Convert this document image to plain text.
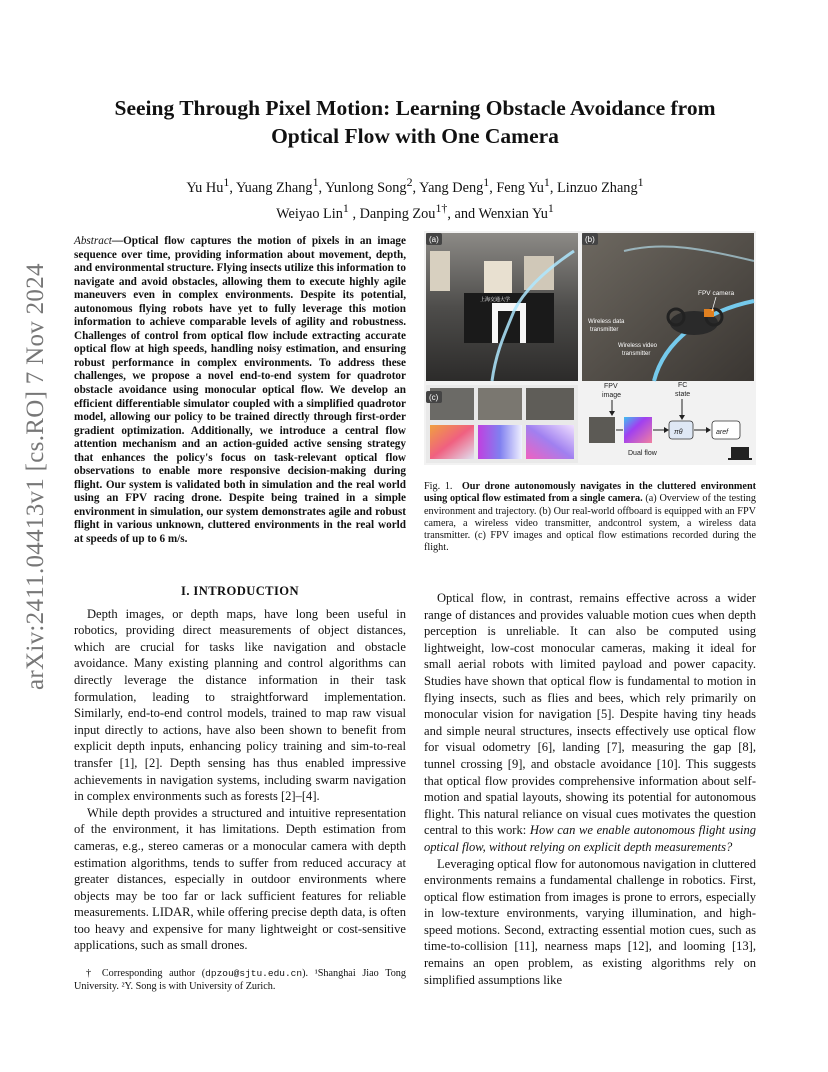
arXiv:2411.04413v1 [cs.RO] 7 Nov 2024
Seeing Through Pixel Motion: Learning Obstacle Avoidance from
Optical Flow with One Camera
Yu Hu$^1$, Yuang Zhang$^1$, Yunlong Song$^2$, Yang Deng$^1$, Feng Yu$^1$, Linzuo Zhang$^1$
Weiyao Lin$^1$ , Danping Zou$^{1\dagger}$, and Wenxian Yu$^1$
Abstract—Optical flow captures the motion of pixels in an image sequence over time, providing information about movement, depth, and environmental structure. Flying insects utilize this information to navigate and avoid obstacles, allowing them to execute highly agile maneuvers even in complex environments. Despite its potential, autonomous flying robots have yet to fully leverage this motion information to achieve comparable levels of agility and robustness. Challenges of control from optical flow include extracting accurate optical flow at high speeds, handling noisy estimation, and ensuring robust performance in complex environments. To address these challenges, we propose a novel end-to-end system for quadrotor obstacle avoidance using monocular optical flow. We develop an efficient differentiable simulator coupled with a simplified quadrotor model, allowing our policy to be trained directly through first-order gradient optimization. Additionally, we introduce a central flow attention mechanism and an action-guided active sensing strategy that enhances the policy's focus on task-relevant optical flow observations to enable more responsive decision-making during flight. Our system is validated both in simulation and the real world using an FPV racing drone. Despite being trained in a simple environment in simulation, our system demonstrates agile and robust flight in various unknown, cluttered environments in the real world at speeds of up to 6 m/s.
I. INTRODUCTION

Depth images, or depth maps, have long been useful in robotics, providing direct measurements of object distances, which are crucial for tasks like navigation and obstacle avoidance. Many existing planning and control algorithms can directly leverage the distance information in their task formulation, leading to straightforward implementation. Similarly, end-to-end control models, trained to map raw visual input directly to actions, have also been shown to benefit from explicit depth inputs, enhancing policy training and sim-to-real transfer [1], [2]. Depth sensing has thus enabled impressive achievements in navigation systems, including swarm navigation in complex environments such as forests [2]–[4].

While depth provides a structured and intuitive representation of the environment, it has limitations. Depth estimation from cameras, e.g., stereo cameras or a monocular camera with depth estimation algorithms, tends to suffer from reduced accuracy at greater distances, especially in outdoor environments where objects may be too far or lack sufficient features for reliable measurements. LIDAR, while offering precise depth data, is often too heavy and expensive for many lightweight or cost-sensitive applications, such as small drones.

† Corresponding author (dpzou@sjtu.edu.cn). ¹Shanghai Jiao Tong University. ²Y. Song is with University of Zurich.
上海交通大学
(a)	(b)
FPV camera
Wireless data
transmitter
Wireless video
transmitter
(c)
FPV
image
FC
state
πθ	aref
Dual flow
Fig. 1. Our drone autonomously navigates in the cluttered environment using optical flow estimated from a single camera. (a) Overview of the testing environment and trajectory. (b) Our real-world offboard is equipped with an FPV camera, a wireless video transmitter, andcontrol system, a wireless data transmitter. (c) FPV images and optical flow estimations recorded during the flight.

Optical flow, in contrast, remains effective across a wider range of distances and provides valuable motion cues when depth perception is unreliable. It can also be computed using lightweight, low-cost monocular cameras, making it ideal for small aerial robots with limited payload and power capacity. Studies have shown that optical flow is fundamental to motion in flying insects, such as flies and bees, which rely primarily on monocular vision for navigation [5]. Despite having tiny heads and simple neural structures, insects effectively use optical flow for visual odometry [6], landing [7], measuring the gap [8], tunnel crossing [9], and obstacle avoidance [10]. This suggests that optical flow provides comprehensive information about self-motion and spatial layouts, showing its potential for autonomous flight. This natural reliance on visual cues motivates the question central to this work: How can we enable autonomous flight using optical flow, without relying on explicit depth measurements?

Leveraging optical flow for autonomous navigation in cluttered environments remains a fundamental challenge in robotics. First, optical flow estimation from images is prone to errors, especially in low-texture environments, varying illumination, and high-speed motions. Second, extracting essential motion cues, such as time-to-collision [11], nearness maps [12], and looming [13], remains an open problem, as existing algorithms rely on simplified assumptions like
